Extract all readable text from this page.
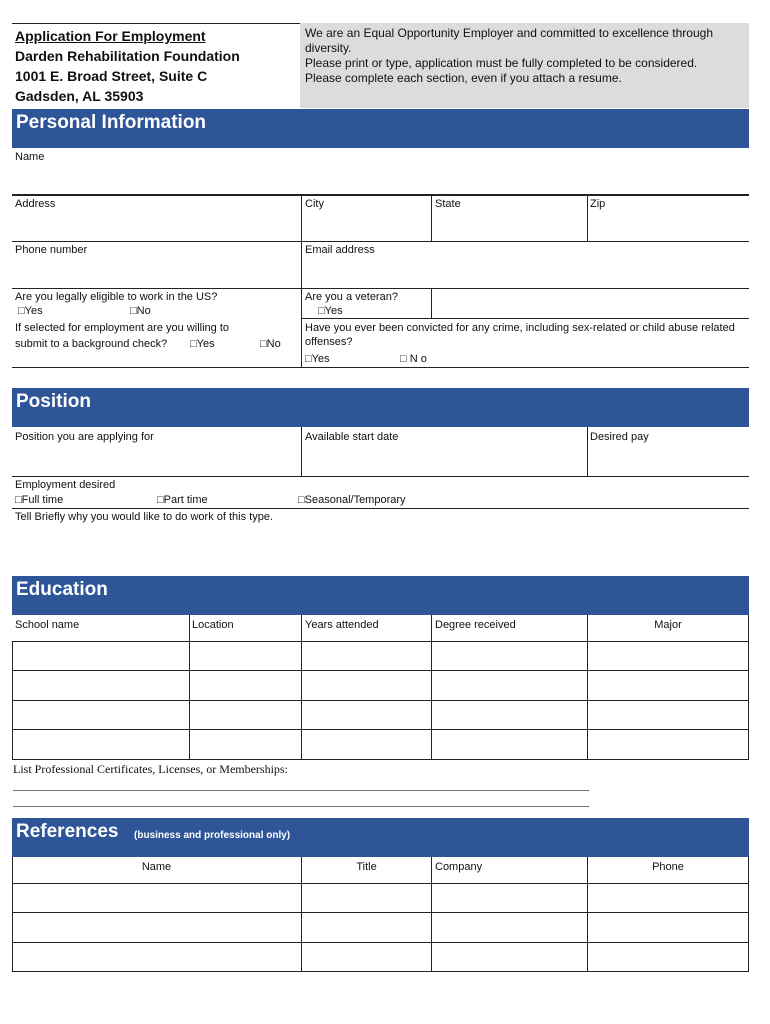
Application For Employment
Darden Rehabilitation Foundation
1001 E. Broad Street, Suite C
Gadsden, AL 35903
We are an Equal Opportunity Employer and committed to excellence through diversity.
Please print or type, application must be fully completed to be considered.
Please complete each section, even if you attach a resume.
Personal Information
Name
Address	City	State	Zip
Phone number	Email address
Are you legally eligible to work in the US?
□Yes	□No
Are you a veteran?
□Yes
If selected for employment are you willing to
submit to a background check? □Yes	□No
Have you ever been convicted for any crime, including sex-related or child abuse related offenses?
□Yes	□ N o
Position
Position you are applying for	Available start date	Desired pay
Employment desired
□Full time	□Part time	□Seasonal/Temporary
Tell Briefly why you would like to do work of this type.
Education
School name	Location	Years attended	Degree received	Major
List Professional Certificates, Licenses, or Memberships:
________________________________________________________________________________________________
________________________________________________________________________________________________
References (business and professional only)
Name	Title	Company	Phone
